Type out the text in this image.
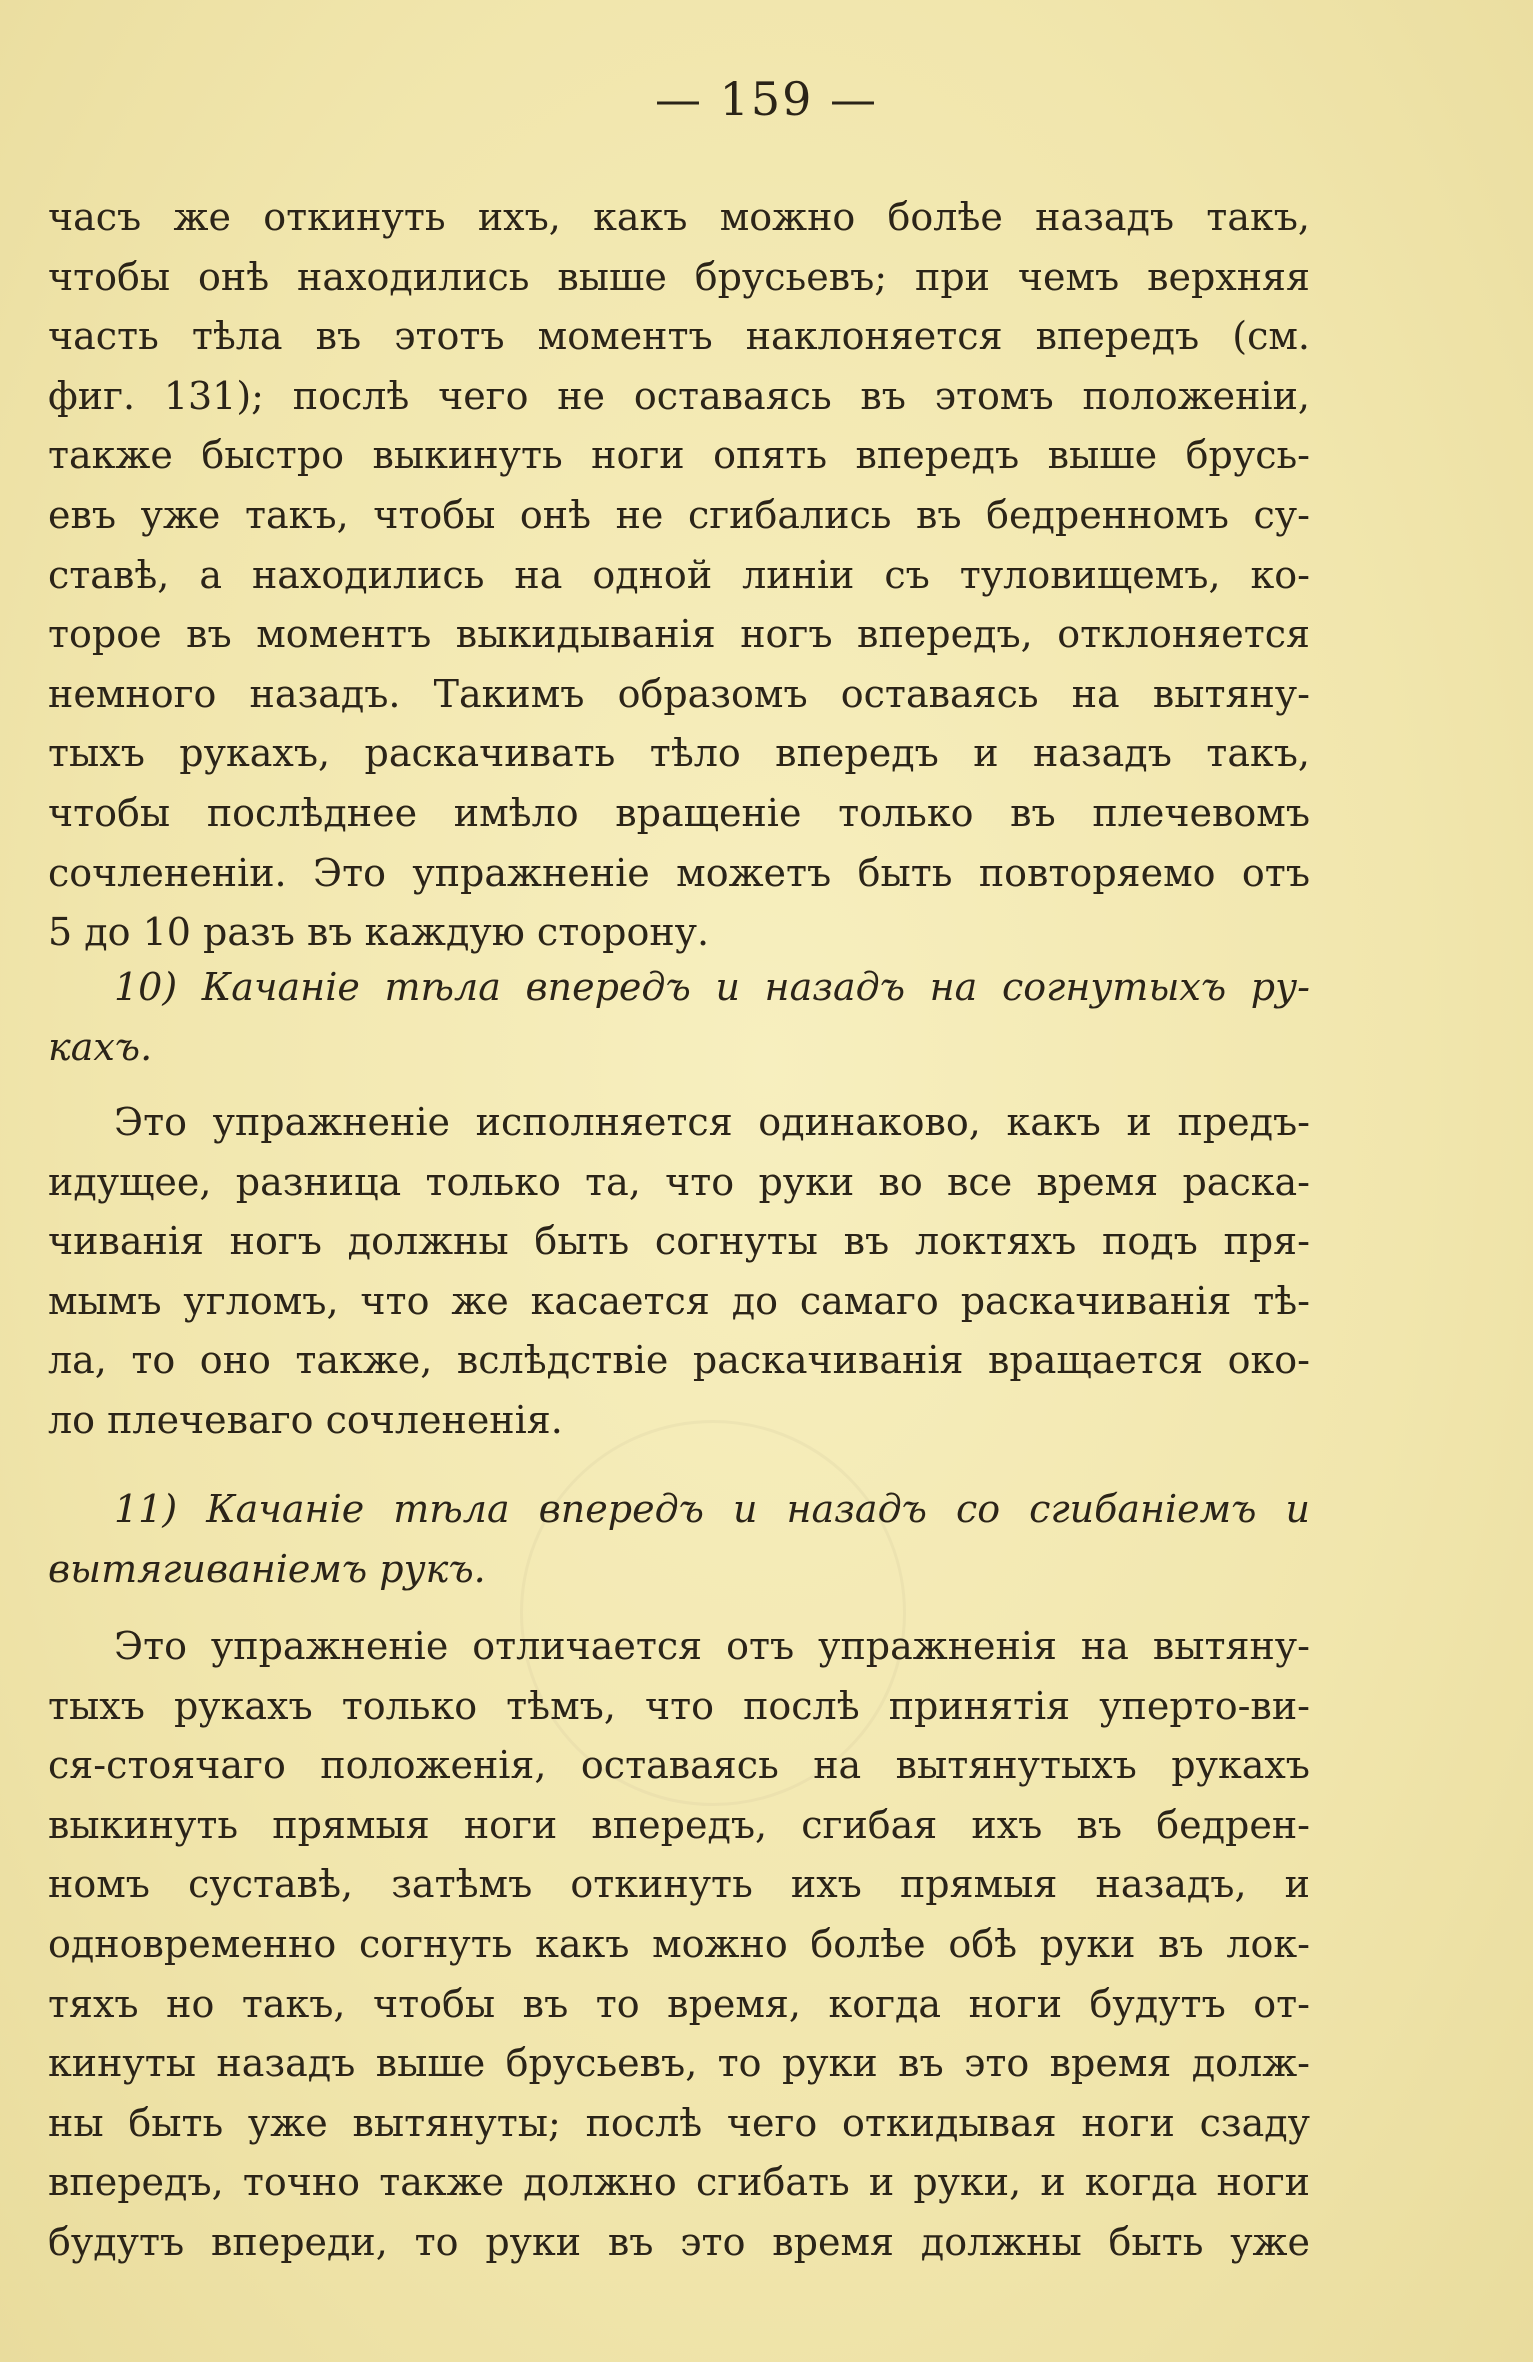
— 159 —
часъ же откинуть ихъ, какъ можно болѣе назадъ такъ,
чтобы онѣ находились выше брусьевъ; при чемъ верхняя
часть тѣла въ этотъ моментъ наклоняется впередъ (см.
фиг. 131); послѣ чего не оставаясь въ этомъ положеніи,
также быстро выкинуть ноги опять впередъ выше брусь-
евъ уже такъ, чтобы онѣ не сгибались въ бедренномъ су-
ставѣ, а находились на одной линіи съ туловищемъ, ко-
торое въ моментъ выкидыванія ногъ впередъ, отклоняется
немного назадъ. Такимъ образомъ оставаясь на вытяну-
тыхъ рукахъ, раскачивать тѣло впередъ и назадъ такъ,
чтобы послѣднее имѣло вращеніе только въ плечевомъ
сочлененіи. Это упражненіе можетъ быть повторяемо отъ
5 до 10 разъ въ каждую сторону.
10) Качаніе тѣла впередъ и назадъ на согнутыхъ ру-
кахъ.
Это упражненіе исполняется одинаково, какъ и предъ-
идущее, разница только та, что руки во все время раска-
чиванія ногъ должны быть согнуты въ локтяхъ подъ пря-
мымъ угломъ, что же касается до самаго раскачиванія тѣ-
ла, то оно также, вслѣдствіе раскачиванія вращается око-
ло плечеваго сочлененія.
11) Качаніе тѣла впередъ и назадъ со сгибаніемъ и
вытягиваніемъ рукъ.
Это упражненіе отличается отъ упражненія на вытяну-
тыхъ рукахъ только тѣмъ, что послѣ принятія уперто-ви-
ся-стоячаго положенія, оставаясь на вытянутыхъ рукахъ
выкинуть прямыя ноги впередъ, сгибая ихъ въ бедрен-
номъ суставѣ, затѣмъ откинуть ихъ прямыя назадъ, и
одновременно согнуть какъ можно болѣе обѣ руки въ лок-
тяхъ но такъ, чтобы въ то время, когда ноги будутъ от-
кинуты назадъ выше брусьевъ, то руки въ это время долж-
ны быть уже вытянуты; послѣ чего откидывая ноги сзаду
впередъ, точно также должно сгибать и руки, и когда ноги
будутъ впереди, то руки въ это время должны быть уже
